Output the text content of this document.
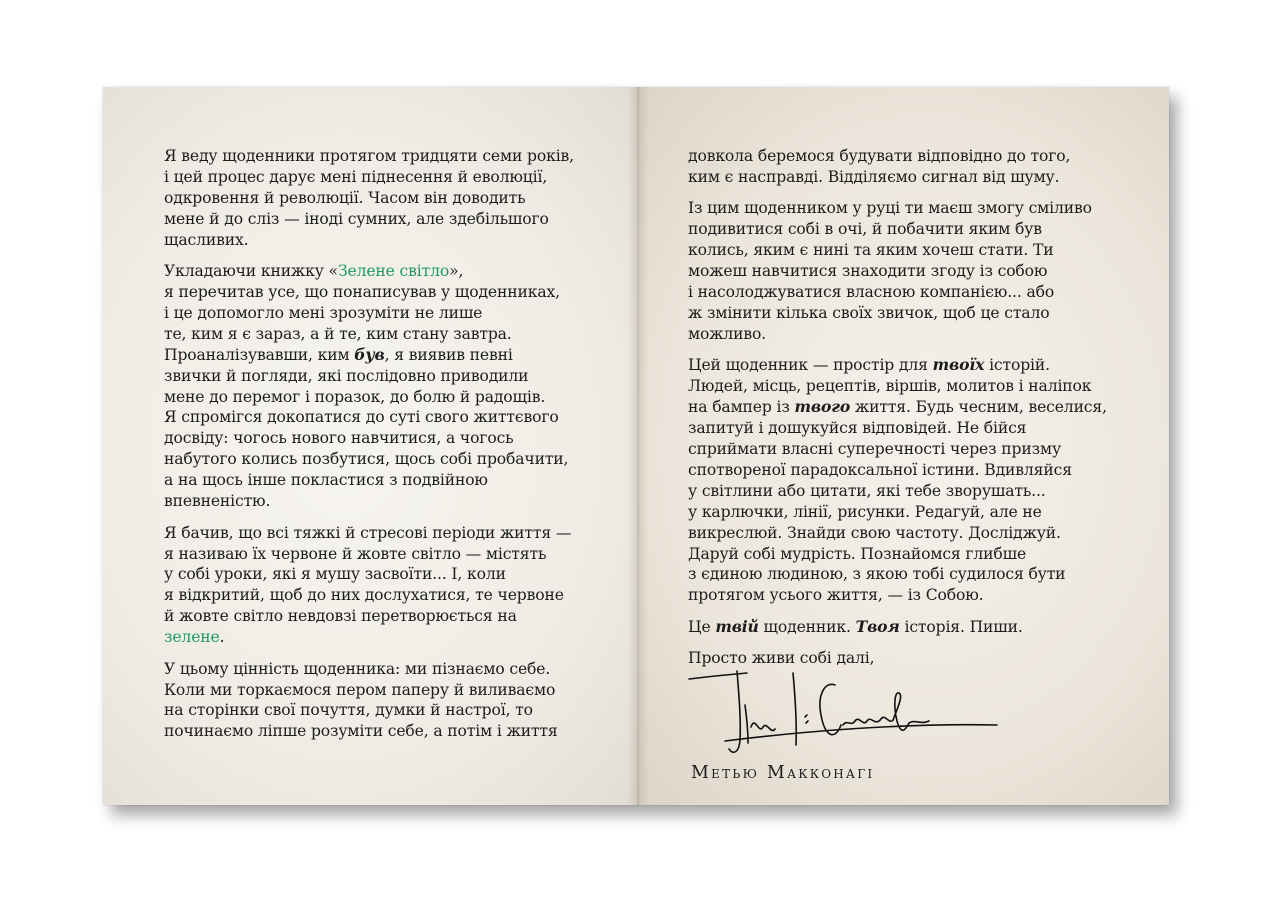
Я веду щоденники протягом тридцяти семи років,
і цей процес дарує мені піднесення й еволюції,
одкровення й революції. Часом він доводить
мене й до сліз — іноді сумних, але здебільшого
щасливих.

Укладаючи книжку «Зелене світло»,
я перечитав усе, що понаписував у щоденниках,
і це допомогло мені зрозуміти не лише
те, ким я є зараз, а й те, ким стану завтра.
Проаналізувавши, ким був, я виявив певні
звички й погляди, які послідовно приводили
мене до перемог і поразок, до болю й радощів.
Я спромігся докопатися до суті свого життєвого
досвіду: чогось нового навчитися, а чогось
набутого колись позбутися, щось собі пробачити,
а на щось інше покластися з подвійною
впевненістю.

Я бачив, що всі тяжкі й стресові періоди життя —
я називаю їх червоне й жовте світло — містять
у собі уроки, які я мушу засвоїти... І, коли
я відкритий, щоб до них дослухатися, те червоне
й жовте світло невдовзі перетворюється на
зелене.

У цьому цінність щоденника: ми пізнаємо себе.
Коли ми торкаємося пером паперу й виливаємо
на сторінки свої почуття, думки й настрої, то
починаємо ліпше розуміти себе, а потім і життя

довкола беремося будувати відповідно до того,
ким є насправді. Відділяємо сигнал від шуму.

Із цим щоденником у руці ти маєш змогу сміливо
подивитися собі в очі, й побачити яким був
колись, яким є нині та яким хочеш стати. Ти
можеш навчитися знаходити згоду із собою
і насолоджуватися власною компанією... або
ж змінити кілька своїх звичок, щоб це стало
можливо.

Цей щоденник — простір для твоїх історій.
Людей, місць, рецептів, віршів, молитов і наліпок
на бампер із твого життя. Будь чесним, веселися,
запитуй і дошукуйся відповідей. Не бійся
сприймати власні суперечності через призму
спотвореної парадоксальної істини. Вдивляйся
у світлини або цитати, які тебе зворушать...
у карлючки, лінії, рисунки. Редагуй, але не
викреслюй. Знайди свою частоту. Досліджуй.
Даруй собі мудрість. Познайомся глибше
з єдиною людиною, з якою тобі судилося бути
протягом усього життя, — із Собою.

Це твій щоденник. Твоя історія. Пиши.

Просто живи собі далі,

Метью Макконагі
